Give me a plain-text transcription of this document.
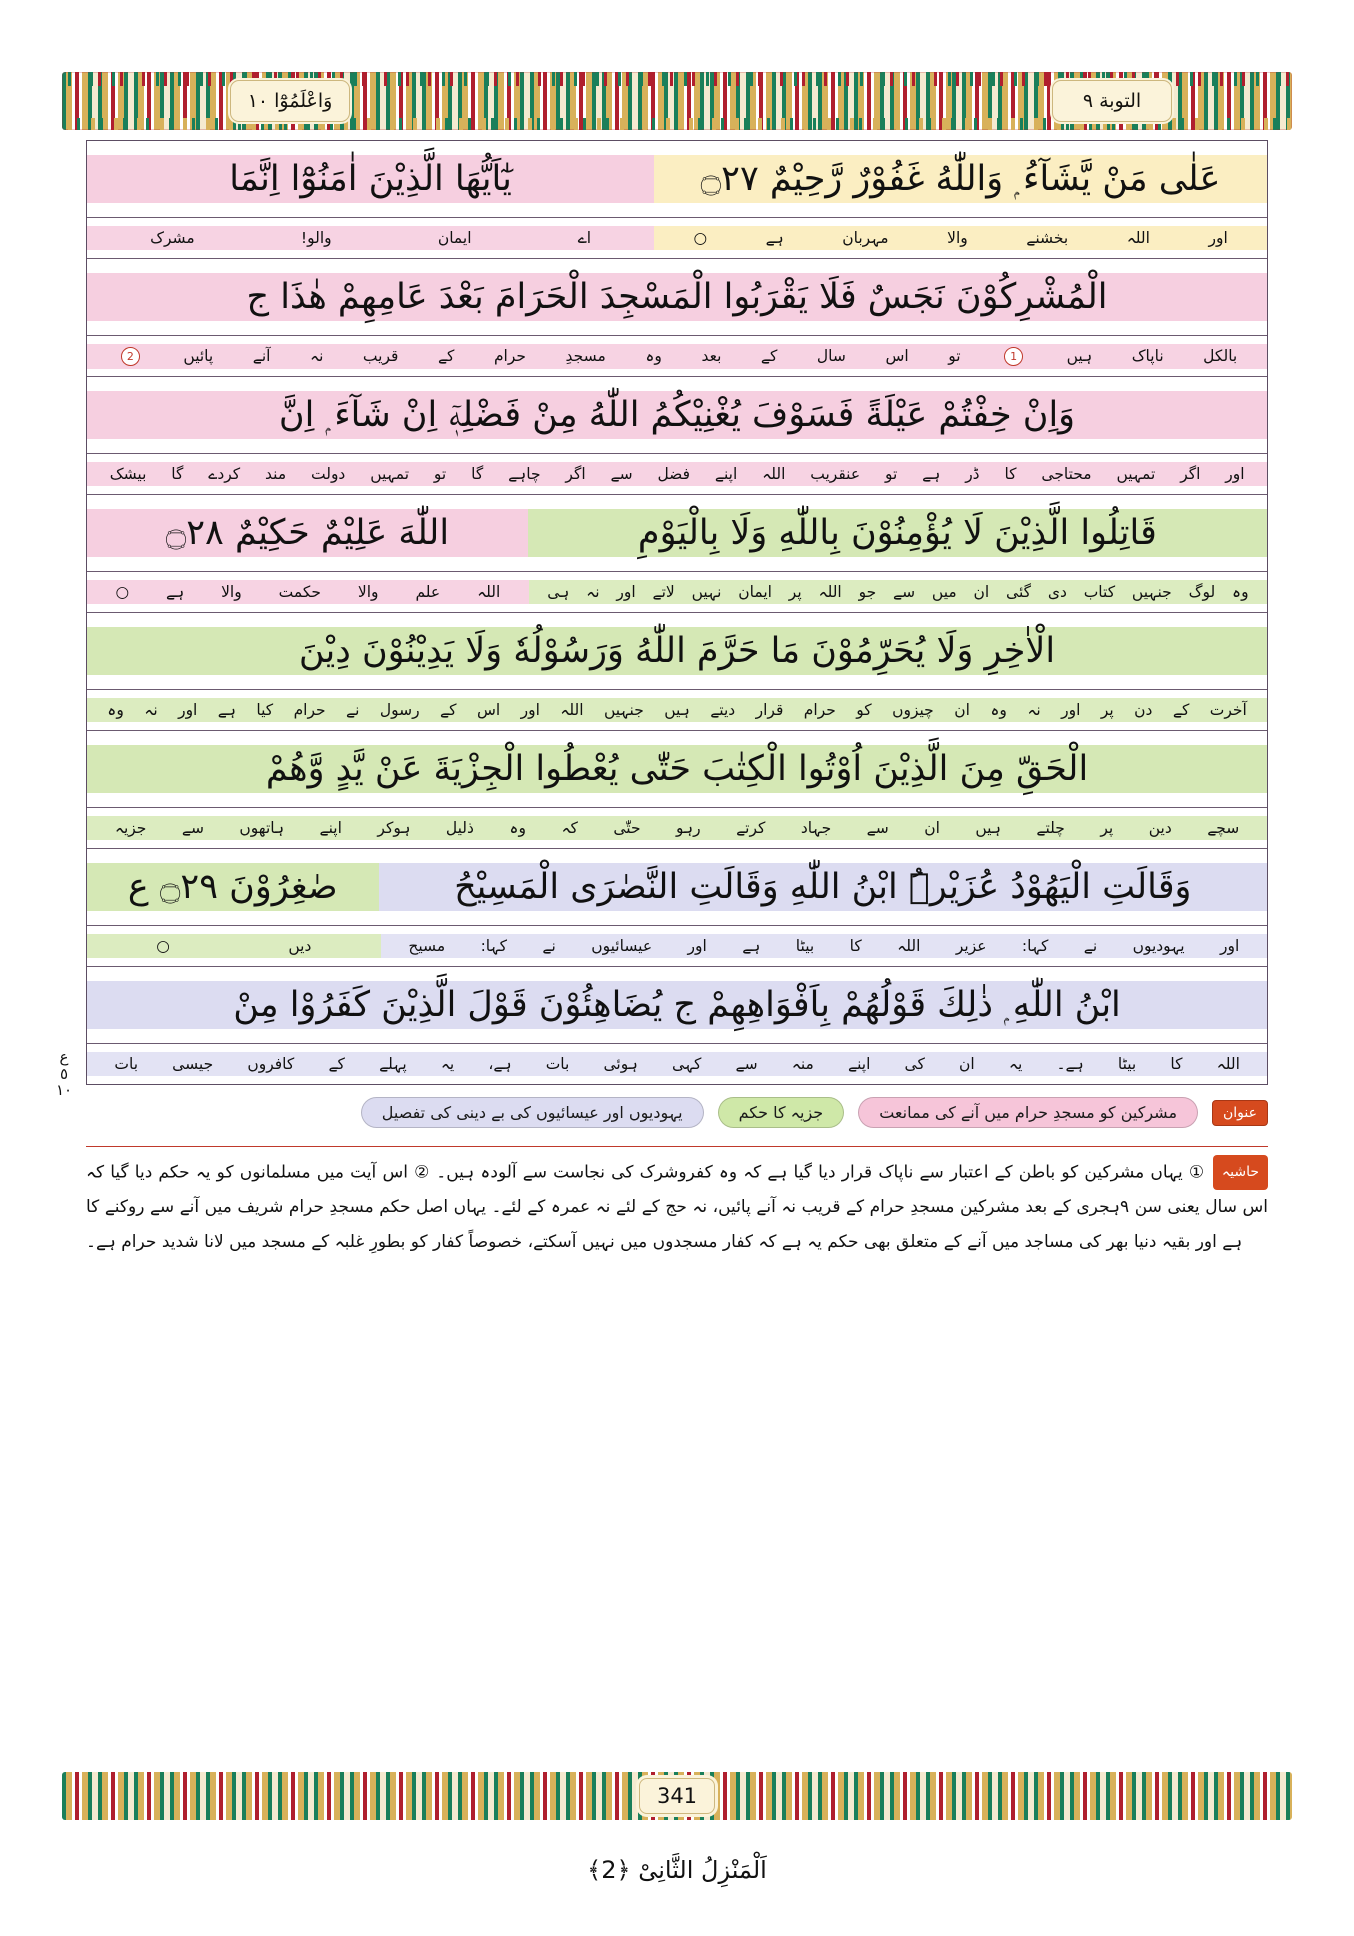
التوبة ٩
وَاعْلَمُوْٓا ١٠
ع
٥
١٠
عَلٰى مَنْ يَّشَآءُ ۭ وَاللّٰهُ غَفُوْرٌ رَّحِيْمٌ ۝٢٧
يٰٓاَيُّهَا الَّذِيْنَ اٰمَنُوْٓا اِنَّمَا
اور
اللہ
بخشنے
والا
مہربان
ہے
○
اے
ایمان
والو!
مشرک
الْمُشْرِكُوْنَ نَجَسٌ فَلَا يَقْرَبُوا الْمَسْجِدَ الْحَرَامَ بَعْدَ عَامِهِمْ هٰذَا ج
بالکل
ناپاک
ہیں
1
تو
اس
سال
کے
بعد
وہ
مسجدِ
حرام
کے
قریب
نہ
آنے
پائیں
2
وَاِنْ خِفْتُمْ عَيْلَةً فَسَوْفَ يُغْنِيْكُمُ اللّٰهُ مِنْ فَضْلِهٖٓ اِنْ شَآءَ ۭ اِنَّ
اور
اگر
تمہیں
محتاجی
کا
ڈر
ہے
تو
عنقریب
اللہ
اپنے
فضل
سے
اگر
چاہے
گا
تو
تمہیں
دولت
مند
کردے
گا
بیشک
قَاتِلُوا الَّذِيْنَ لَا يُؤْمِنُوْنَ بِاللّٰهِ وَلَا بِالْيَوْمِ
اللّٰهَ عَلِيْمٌ حَكِيْمٌ ۝٢٨
وہ
لوگ
جنہیں
کتاب
دی
گئی
ان
میں
سے
جو
اللہ
پر
ایمان
نہیں
لاتے
اور
نہ
ہی
اللہ
علم
والا
حکمت
والا
ہے
○
الْاٰخِرِ وَلَا يُحَرِّمُوْنَ مَا حَرَّمَ اللّٰهُ وَرَسُوْلُهٗ وَلَا يَدِيْنُوْنَ دِيْنَ
آخرت
کے
دن
پر
اور
نہ
وہ
ان
چیزوں
کو
حرام
قرار
دیتے
ہیں
جنہیں
اللہ
اور
اس
کے
رسول
نے
حرام
کیا
ہے
اور
نہ
وہ
الْحَقِّ مِنَ الَّذِيْنَ اُوْتُوا الْكِتٰبَ حَتّٰى يُعْطُوا الْجِزْيَةَ عَنْ يَّدٍ وَّهُمْ
سچے
دین
پر
چلتے
ہیں
ان
سے
جہاد
کرتے
رہو
حتّٰی
کہ
وہ
ذلیل
ہوکر
اپنے
ہاتھوں
سے
جزیہ
وَقَالَتِ الْيَهُوْدُ عُزَيْرُۨ ابْنُ اللّٰهِ وَقَالَتِ النَّصٰرَى الْمَسِيْحُ
صٰغِرُوْنَ ۝٢٩ ع
اور
یہودیوں
نے
کہا:
عزیر
اللہ
کا
بیٹا
ہے
اور
عیسائیوں
نے
کہا:
مسیح
دیں
○
ابْنُ اللّٰهِ ۭ ذٰلِكَ قَوْلُهُمْ بِاَفْوَاهِهِمْ ج يُضَاهِئُوْنَ قَوْلَ الَّذِيْنَ كَفَرُوْا مِنْ
اللہ
کا
بیٹا
ہے۔
یہ
ان
کی
اپنے
منہ
سے
کہی
ہوئی
بات
ہے،
یہ
پہلے
کے
کافروں
جیسی
بات
عنوان
مشرکین کو مسجدِ حرام میں آنے کی ممانعت
جزیہ کا حکم
یہودیوں اور عیسائیوں کی بے دینی کی تفصیل
حاشیہ① یہاں مشرکین کو باطن کے اعتبار سے ناپاک قرار دیا گیا ہے کہ وہ کفروشرک کی نجاست سے آلودہ ہیں۔ ② اس آیت میں مسلمانوں کو یہ حکم دیا گیا کہ اس سال یعنی سن ۹ہجری کے بعد مشرکین مسجدِ حرام کے قریب نہ آنے پائیں، نہ حج کے لئے نہ عمرہ کے لئے۔ یہاں اصل حکم مسجدِ حرام شریف میں آنے سے روکنے کا ہے اور بقیہ دنیا بھر کی مساجد میں آنے کے متعلق بھی حکم یہ ہے کہ کفار مسجدوں میں نہیں آسکتے، خصوصاً کفار کو بطورِ غلبہ کے مسجد میں لانا شدید حرام ہے۔
341
اَلْمَنْزِلُ الثَّانِیْ ﴿2﴾
